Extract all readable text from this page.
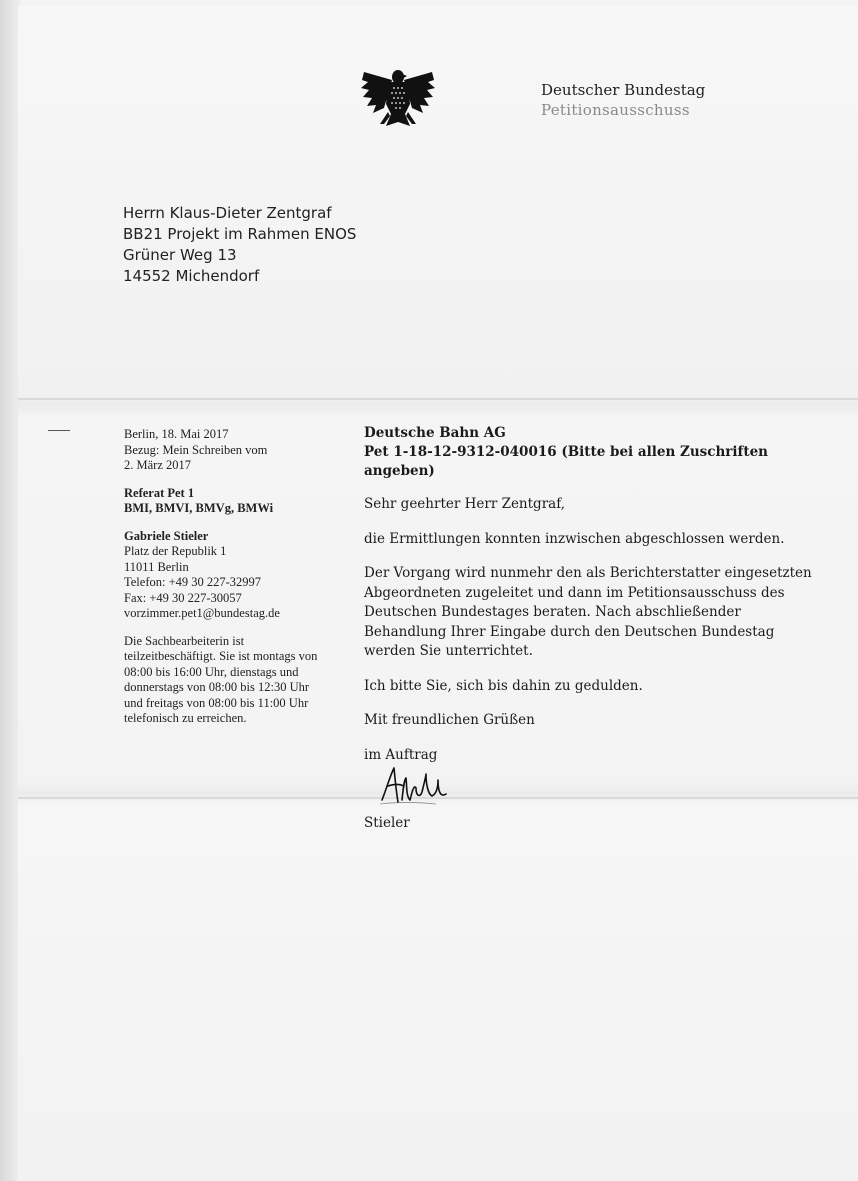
Deutscher Bundestag
Petitionsausschuss
Herrn Klaus-Dieter Zentgraf
BB21 Projekt im Rahmen ENOS
Grüner Weg 13
14552 Michendorf
Berlin, 18. Mai 2017
Bezug: Mein Schreiben vom
2. März 2017
Referat Pet 1
BMI, BMVI, BMVg, BMWi
Gabriele Stieler
Platz der Republik 1
11011 Berlin
Telefon: +49 30 227-32997
Fax: +49 30 227-30057
vorzimmer.pet1@bundestag.de
Die Sachbearbeiterin ist
teilzeitbeschäftigt. Sie ist montags von
08:00 bis 16:00 Uhr, dienstags und
donnerstags von 08:00 bis 12:30 Uhr
und freitags von 08:00 bis 11:00 Uhr
telefonisch zu erreichen.
Deutsche Bahn AG
Pet 1-18-12-9312-040016 (Bitte bei allen Zuschriften angeben)

Sehr geehrter Herr Zentgraf,

die Ermittlungen konnten inzwischen abgeschlossen werden.

Der Vorgang wird nunmehr den als Berichterstatter eingesetzten
Abgeordneten zugeleitet und dann im Petitionsausschuss des
Deutschen Bundestages beraten. Nach abschließender
Behandlung Ihrer Eingabe durch den Deutschen Bundestag
werden Sie unterrichtet.

Ich bitte Sie, sich bis dahin zu gedulden.

Mit freundlichen Grüßen

im Auftrag

Stieler
